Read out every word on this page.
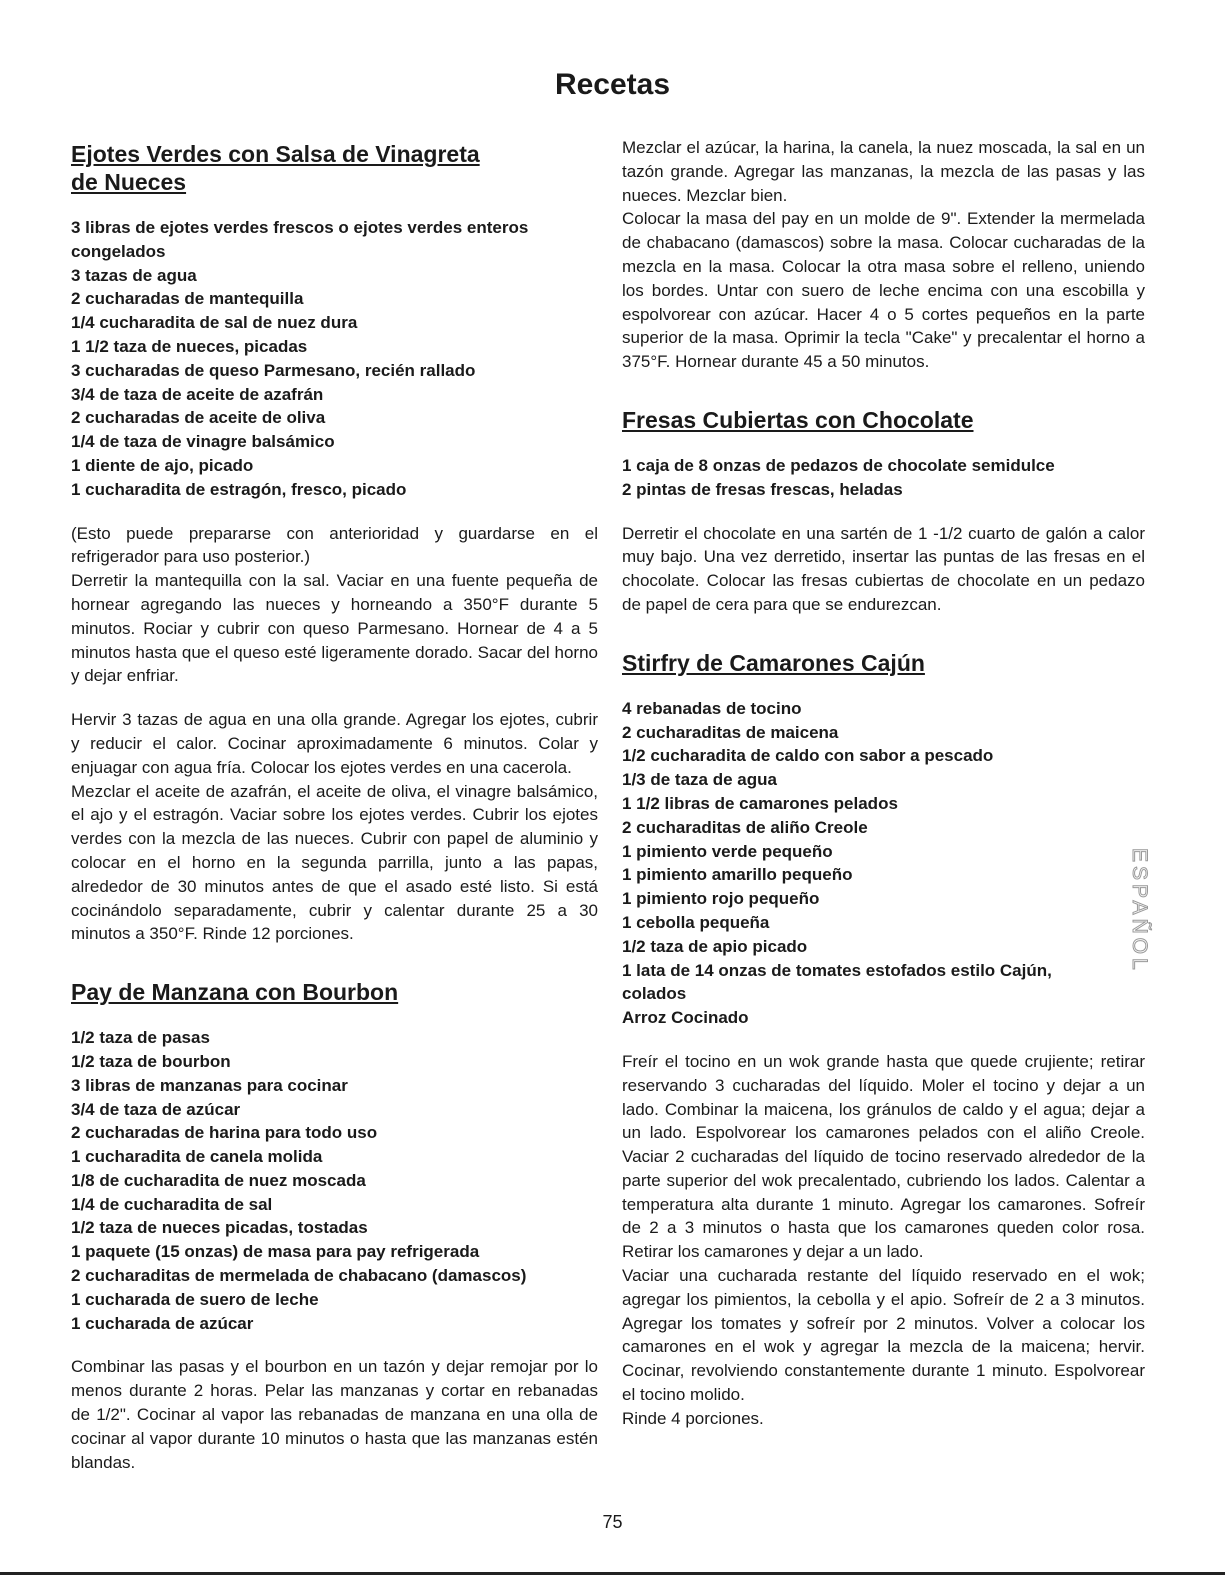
Recetas
Ejotes Verdes con Salsa de Vinagreta de Nueces
3 libras de ejotes verdes frescos o ejotes verdes enteros congelados
3 tazas de agua
2 cucharadas de mantequilla
1/4 cucharadita de sal de nuez dura
1 1/2 taza de nueces, picadas
3 cucharadas de queso Parmesano, recién rallado
3/4 de taza de aceite de azafrán
2 cucharadas de aceite de oliva
1/4 de taza de vinagre balsámico
1 diente de ajo, picado
1 cucharadita de estragón, fresco, picado

(Esto puede prepararse con anterioridad y guardarse en el refrigerador para uso posterior.)

Derretir la mantequilla con la sal. Vaciar en una fuente pequeña de hornear agregando las nueces y horneando a 350°F durante 5 minutos. Rociar y cubrir con queso Parmesano. Hornear de 4 a 5 minutos hasta que el queso esté ligeramente dorado. Sacar del horno y dejar enfriar.

Hervir 3 tazas de agua en una olla grande. Agregar los ejotes, cubrir y reducir el calor. Cocinar aproximadamente 6 minutos. Colar y enjuagar con agua fría. Colocar los ejotes verdes en una cacerola.

Mezclar el aceite de azafrán, el aceite de oliva, el vinagre balsámico, el ajo y el estragón. Vaciar sobre los ejotes verdes. Cubrir los ejotes verdes con la mezcla de las nueces. Cubrir con papel de aluminio y colocar en el horno en la segunda parrilla, junto a las papas, alrededor de 30 minutos antes de que el asado esté listo. Si está cocinándolo separadamente, cubrir y calentar durante 25 a 30 minutos a 350°F. Rinde 12 porciones.

Pay de Manzana con Bourbon
1/2 taza de pasas
1/2 taza de bourbon
3 libras de manzanas para cocinar
3/4 de taza de azúcar
2 cucharadas de harina para todo uso
1 cucharadita de canela molida
1/8 de cucharadita de nuez moscada
1/4 de cucharadita de sal
1/2 taza de nueces picadas, tostadas
1 paquete (15 onzas) de masa para pay refrigerada
2 cucharaditas de mermelada de chabacano (damascos)
1 cucharada de suero de leche
1 cucharada de azúcar

Combinar las pasas y el bourbon en un tazón y dejar remojar por lo menos durante 2 horas. Pelar las manzanas y cortar en rebanadas de 1/2". Cocinar al vapor las rebanadas de manzana en una olla de cocinar al vapor durante 10 minutos o hasta que las manzanas estén blandas.

Mezclar el azúcar, la harina, la canela, la nuez moscada, la sal en un tazón grande. Agregar las manzanas, la mezcla de las pasas y las nueces. Mezclar bien.

Colocar la masa del pay en un molde de 9". Extender la mermelada de chabacano (damascos) sobre la masa. Colocar cucharadas de la mezcla en la masa. Colocar la otra masa sobre el relleno, uniendo los bordes. Untar con suero de leche encima con una escobilla y espolvorear con azúcar. Hacer 4 o 5 cortes pequeños en la parte superior de la masa. Oprimir la tecla "Cake" y precalentar el horno a 375°F. Hornear durante 45 a 50 minutos.

Fresas Cubiertas con Chocolate
1 caja de 8 onzas de pedazos de chocolate semidulce
2 pintas de fresas frescas, heladas

Derretir el chocolate en una sartén de 1 -1/2 cuarto de galón a calor muy bajo. Una vez derretido, insertar las puntas de las fresas en el chocolate. Colocar las fresas cubiertas de chocolate en un pedazo de papel de cera para que se endurezcan.

Stirfry de Camarones Cajún
4 rebanadas de tocino
2 cucharaditas de maicena
1/2 cucharadita de caldo con sabor a pescado
1/3 de taza de agua
1 1/2 libras de camarones pelados
2 cucharaditas de aliño Creole
1 pimiento verde pequeño
1 pimiento amarillo pequeño
1 pimiento rojo pequeño
1 cebolla pequeña
1/2 taza de apio picado
1 lata de 14 onzas de tomates estofados estilo Cajún, colados
Arroz Cocinado

Freír el tocino en un wok grande hasta que quede crujiente; retirar reservando 3 cucharadas del líquido. Moler el tocino y dejar a un lado. Combinar la maicena, los gránulos de caldo y el agua; dejar a un lado. Espolvorear los camarones pelados con el aliño Creole. Vaciar 2 cucharadas del líquido de tocino reservado alrededor de la parte superior del wok precalentado, cubriendo los lados. Calentar a temperatura alta durante 1 minuto. Agregar los camarones. Sofreír de 2 a 3 minutos o hasta que los camarones queden color rosa. Retirar los camarones y dejar a un lado.

Vaciar una cucharada restante del líquido reservado en el wok; agregar los pimientos, la cebolla y el apio. Sofreír de 2 a 3 minutos. Agregar los tomates y sofreír por 2 minutos. Volver a colocar los camarones en el wok y agregar la mezcla de la maicena; hervir. Cocinar, revolviendo constantemente durante 1 minuto. Espolvorear el tocino molido.

Rinde 4 porciones.

ESPAÑOL
75
